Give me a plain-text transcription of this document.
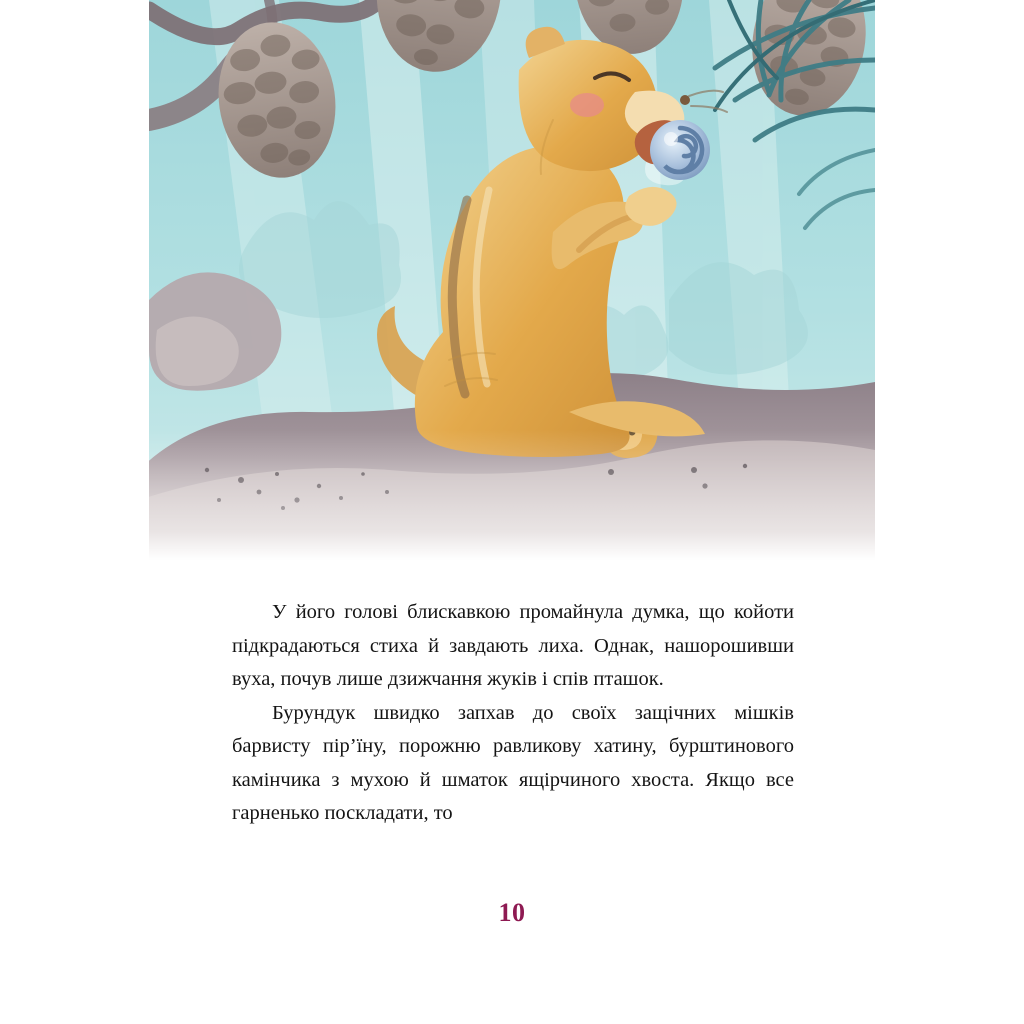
У його голові блискавкою промайнула думка, що койоти підкрадаються стиха й завдають лиха. Однак, нашорошивши вуха, почув лише дзижчання жуків і спів пташок.

Бурундук швидко запхав до своїх защічних мішків барвисту пір’їну, порожню равликову хатину, бурштинового камінчика з мухою й шматок ящірчиного хвоста. Якщо все гарненько поскладати, то

10
